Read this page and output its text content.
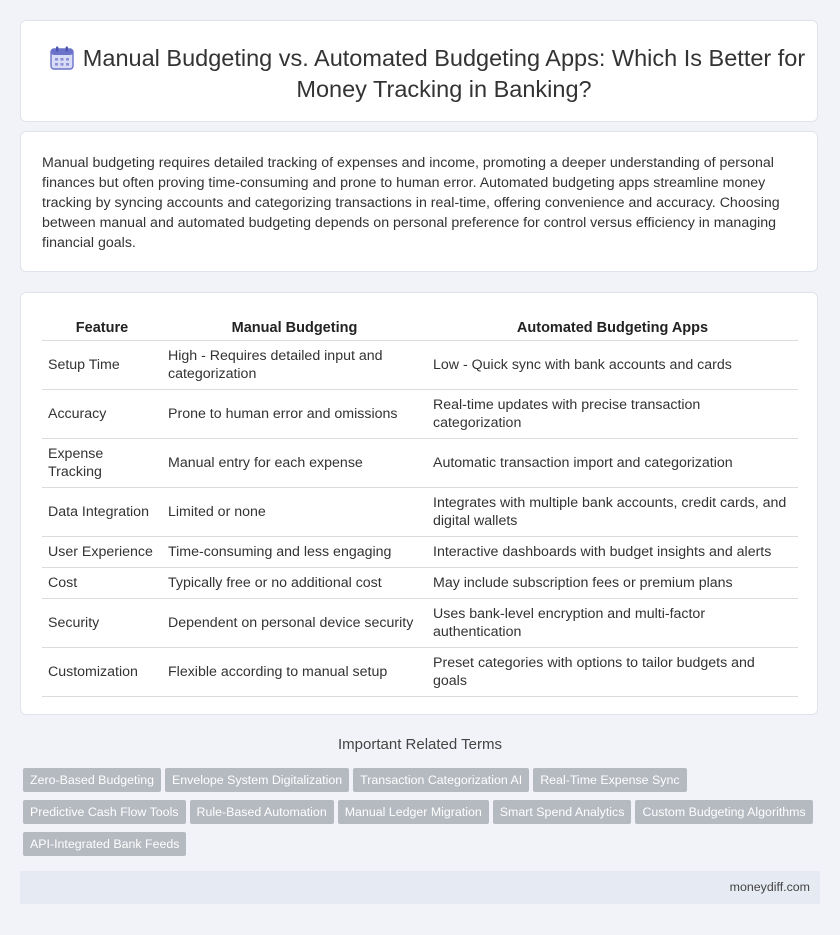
Manual Budgeting vs. Automated Budgeting Apps: Which Is Better for Money Tracking in Banking?

Manual budgeting requires detailed tracking of expenses and income, promoting a deeper understanding of personal finances but often proving time-consuming and prone to human error. Automated budgeting apps streamline money tracking by syncing accounts and categorizing transactions in real-time, offering convenience and accuracy. Choosing between manual and automated budgeting depends on personal preference for control versus efficiency in managing financial goals.

Feature	Manual Budgeting	Automated Budgeting Apps
Setup Time	High - Requires detailed input and categorization	Low - Quick sync with bank accounts and cards
Accuracy	Prone to human error and omissions	Real-time updates with precise transaction categorization
Expense Tracking	Manual entry for each expense	Automatic transaction import and categorization
Data Integration	Limited or none	Integrates with multiple bank accounts, credit cards, and digital wallets
User Experience	Time-consuming and less engaging	Interactive dashboards with budget insights and alerts
Cost	Typically free or no additional cost	May include subscription fees or premium plans
Security	Dependent on personal device security	Uses bank-level encryption and multi-factor authentication
Customization	Flexible according to manual setup	Preset categories with options to tailor budgets and goals
Important Related Terms
Zero-Based Budgeting Envelope System Digitalization Transaction Categorization AI Real-Time Expense Sync
Predictive Cash Flow Tools Rule-Based Automation Manual Ledger Migration Smart Spend Analytics Custom Budgeting Algorithms
API-Integrated Bank Feeds
moneydiff.com
